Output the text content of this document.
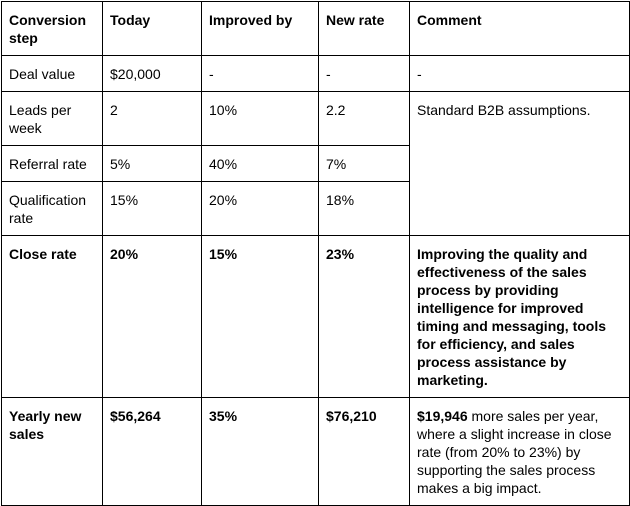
Conversion step	Today	Improved by	New rate	Comment
Deal value	$20,000	-	-	-
Leads per week	2	10%	2.2	Standard B2B assumptions.
Referral rate	5%	40%	7%	
Qualification rate	15%	20%	18%	
Close rate	20%	15%	23%	Improving the quality and effectiveness of the sales process by providing intelligence for improved timing and messaging, tools for efficiency, and sales process assistance by marketing.
Yearly new sales	$56,264	35%	$76,210	$19,946 more sales per year, where a slight increase in close rate (from 20% to 23%) by supporting the sales process makes a big impact.
